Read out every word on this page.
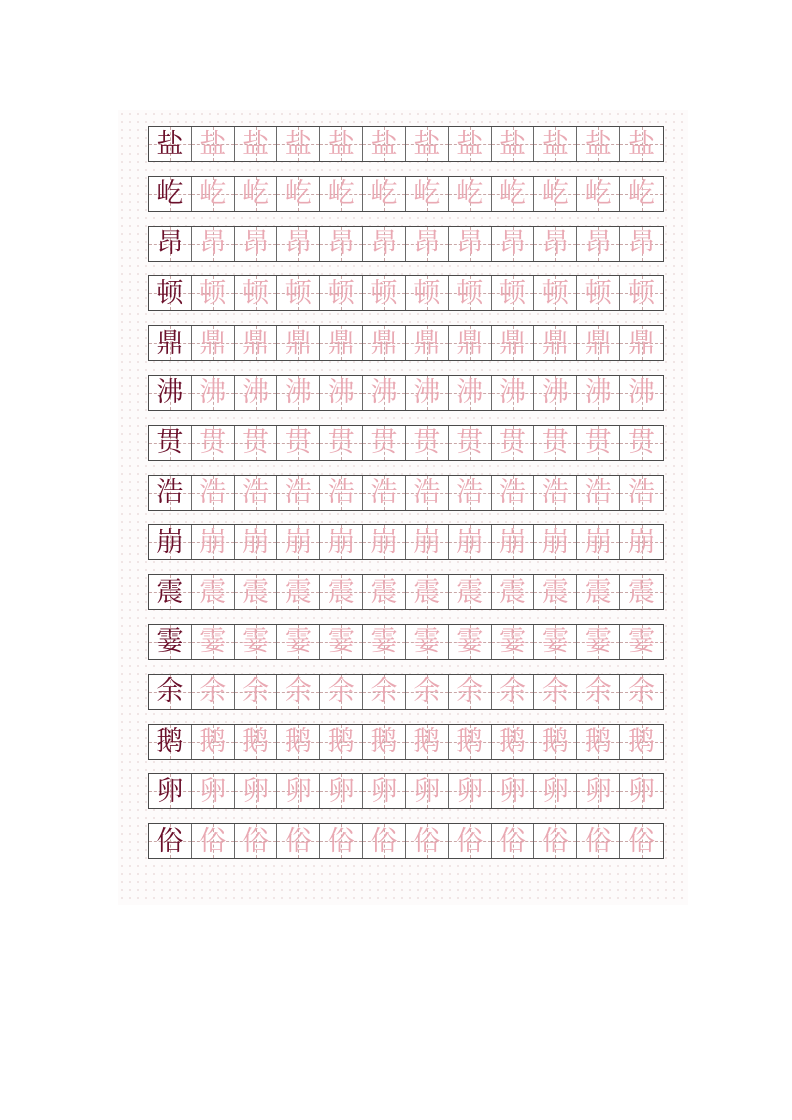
盐 盐 盐 盐 盐 盐 盐 盐 盐 盐 盐 盐
屹 屹 屹 屹 屹 屹 屹 屹 屹 屹 屹 屹
昂 昂 昂 昂 昂 昂 昂 昂 昂 昂 昂 昂
顿 顿 顿 顿 顿 顿 顿 顿 顿 顿 顿 顿
鼎 鼎 鼎 鼎 鼎 鼎 鼎 鼎 鼎 鼎 鼎 鼎
沸 沸 沸 沸 沸 沸 沸 沸 沸 沸 沸 沸
贯 贯 贯 贯 贯 贯 贯 贯 贯 贯 贯 贯
浩 浩 浩 浩 浩 浩 浩 浩 浩 浩 浩 浩
崩 崩 崩 崩 崩 崩 崩 崩 崩 崩 崩 崩
震 震 震 震 震 震 震 震 震 震 震 震
霎 霎 霎 霎 霎 霎 霎 霎 霎 霎 霎 霎
余 余 余 余 余 余 余 余 余 余 余 余
鹅 鹅 鹅 鹅 鹅 鹅 鹅 鹅 鹅 鹅 鹅 鹅
卵 卵 卵 卵 卵 卵 卵 卵 卵 卵 卵 卵
俗 俗 俗 俗 俗 俗 俗 俗 俗 俗 俗 俗
